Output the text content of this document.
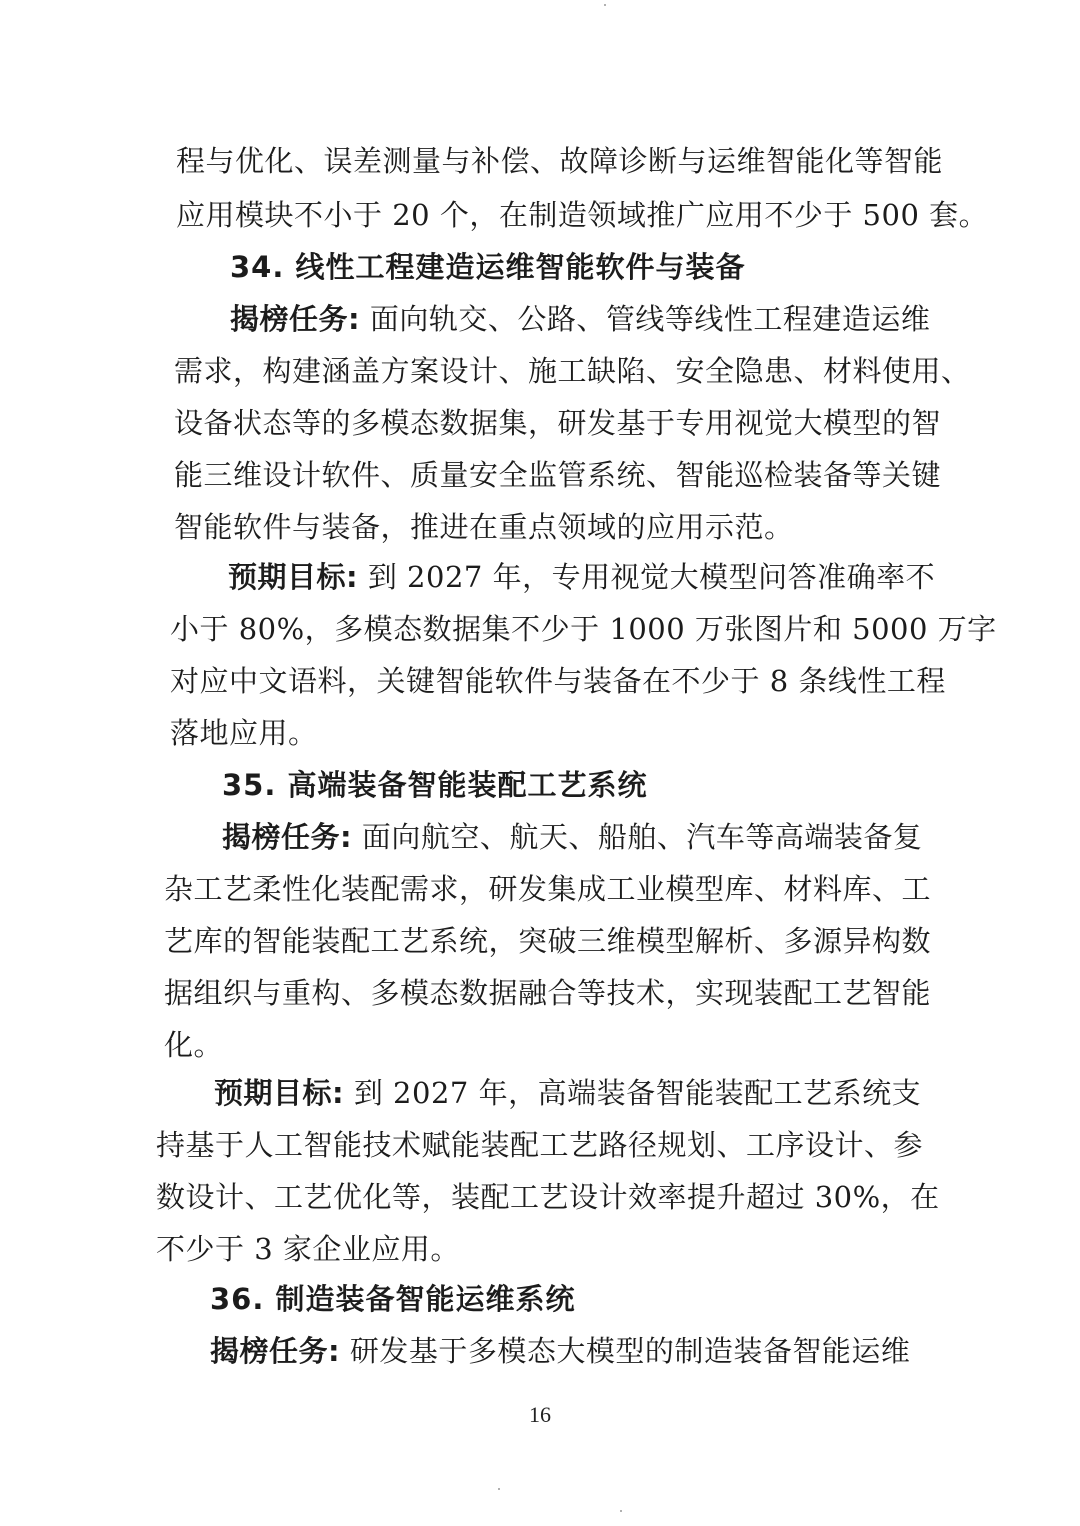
程与优化、误差测量与补偿、故障诊断与运维智能化等智能
应用模块不小于 20 个，在制造领域推广应用不少于 500 套。
34. 线性工程建造运维智能软件与装备
揭榜任务: 面向轨交、公路、管线等线性工程建造运维
需求，构建涵盖方案设计、施工缺陷、安全隐患、材料使用、
设备状态等的多模态数据集，研发基于专用视觉大模型的智
能三维设计软件、质量安全监管系统、智能巡检装备等关键
智能软件与装备，推进在重点领域的应用示范。
预期目标: 到 2027 年，专用视觉大模型问答准确率不
小于 80%，多模态数据集不少于 1000 万张图片和 5000 万字
对应中文语料，关键智能软件与装备在不少于 8 条线性工程
落地应用。
35. 高端装备智能装配工艺系统
揭榜任务: 面向航空、航天、船舶、汽车等高端装备复
杂工艺柔性化装配需求，研发集成工业模型库、材料库、工
艺库的智能装配工艺系统，突破三维模型解析、多源异构数
据组织与重构、多模态数据融合等技术，实现装配工艺智能
化。
预期目标: 到 2027 年，高端装备智能装配工艺系统支
持基于人工智能技术赋能装配工艺路径规划、工序设计、参
数设计、工艺优化等，装配工艺设计效率提升超过 30%，在
不少于 3 家企业应用。
36. 制造装备智能运维系统
揭榜任务: 研发基于多模态大模型的制造装备智能运维
16
